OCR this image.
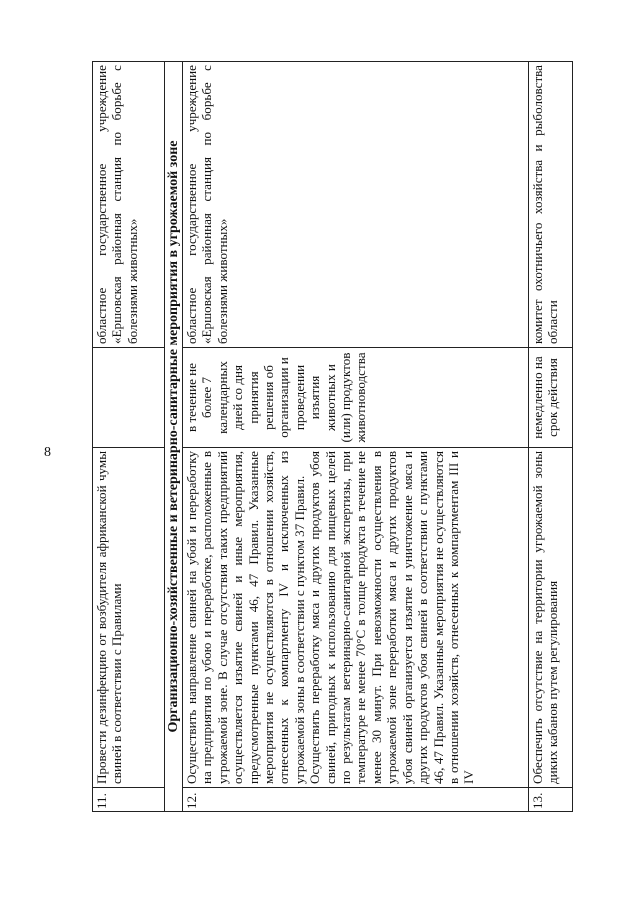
8
11.	Провести дезинфекцию от возбудителя африканской чумы свиней в соответствии с Правилами		областное государственное учреждение «Ершовская районная станция по борьбе с болезнями животных»
Организационно-хозяйственные и ветеринарно-санитарные мероприятия в угрожаемой зоне			
12.	Осуществить направление свиней на убой и переработку на предприятия по убою и переработке, расположенные в угрожаемой зоне. В случае отсутствия таких предприятий осуществляется изъятие свиней и иные мероприятия, предусмотренные пунктами 46, 47 Правил. Указанные мероприятия не осуществляются в отношении хозяйств, отнесенных к компартменту IV и исключенных из угрожаемой зоны в соответствии с пунктом 37 Правил. Осуществить переработку мяса и других продуктов убоя свиней, пригодных к использованию для пищевых целей по результатам ветеринарно-санитарной экспертизы, при температуре не менее 70°С в толще продукта в течение не менее 30 минут. При невозможности осуществления в угрожаемой зоне переработки мяса и других продуктов убоя свиней организуется изъятие и уничтожение мяса и других продуктов убоя свиней в соответствии с пунктами 46, 47 Правил. Указанные мероприятия не осуществляются в отношении хозяйств, отнесенных к компартментам III и IV	в течение не более 7 календарных дней со дня принятия решения об организации и проведении изъятия животных и (или) продуктов животноводства	областное государственное учреждение «Ершовская районная станция по борьбе с болезнями животных»
13.	Обеспечить отсутствие на территории угрожаемой зоны диких кабанов путем регулирования	немедленно на срок действия	комитет охотничьего хозяйства и рыболовства области
